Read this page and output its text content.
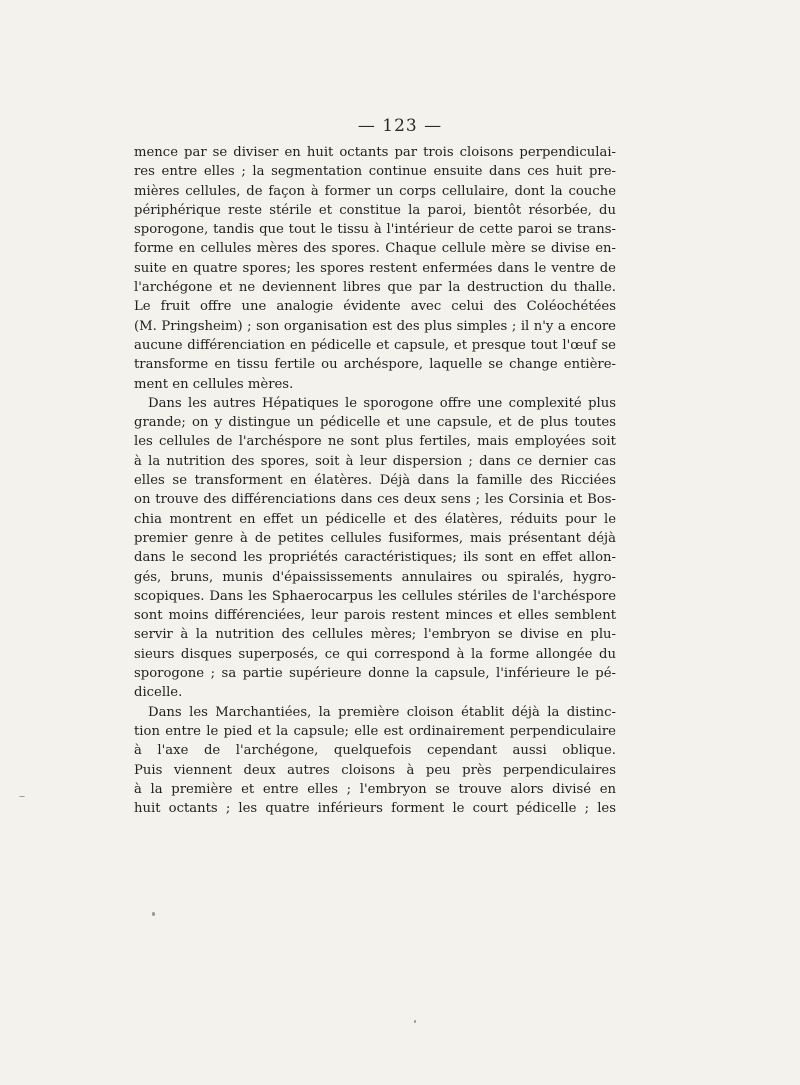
— 123 —
mence par se diviser en huit octants par trois cloisons perpendiculai-
res entre elles ; la segmentation continue ensuite dans ces huit pre-
mières cellules, de façon à former un corps cellulaire, dont la couche
périphérique reste stérile et constitue la paroi, bientôt résorbée, du
sporogone, tandis que tout le tissu à l'intérieur de cette paroi se trans-
forme en cellules mères des spores. Chaque cellule mère se divise en-
suite en quatre spores; les spores restent enfermées dans le ventre de
l'archégone et ne deviennent libres que par la destruction du thalle.
Le fruit offre une analogie évidente avec celui des Coléochétées
(M. Pringsheim) ; son organisation est des plus simples ; il n'y a encore
aucune différenciation en pédicelle et capsule, et presque tout l'œuf se
transforme en tissu fertile ou archéspore, laquelle se change entière-
ment en cellules mères.
Dans les autres Hépatiques le sporogone offre une complexité plus
grande; on y distingue un pédicelle et une capsule, et de plus toutes
les cellules de l'archéspore ne sont plus fertiles, mais employées soit
à la nutrition des spores, soit à leur dispersion ; dans ce dernier cas
elles se transforment en élatères. Déjà dans la famille des Ricciées
on trouve des différenciations dans ces deux sens ; les Corsinia et Bos-
chia montrent en effet un pédicelle et des élatères, réduits pour le
premier genre à de petites cellules fusiformes, mais présentant déjà
dans le second les propriétés caractéristiques; ils sont en effet allon-
gés, bruns, munis d'épaississements annulaires ou spiralés, hygro-
scopiques. Dans les Sphaerocarpus les cellules stériles de l'archéspore
sont moins différenciées, leur parois restent minces et elles semblent
servir à la nutrition des cellules mères; l'embryon se divise en plu-
sieurs disques superposés, ce qui correspond à la forme allongée du
sporogone ; sa partie supérieure donne la capsule, l'inférieure le pé-
dicelle.
Dans les Marchantiées, la première cloison établit déjà la distinc-
tion entre le pied et la capsule; elle est ordinairement perpendiculaire
à l'axe de l'archégone, quelquefois cependant aussi oblique.
Puis viennent deux autres cloisons à peu près perpendiculaires
à la première et entre elles ; l'embryon se trouve alors divisé en
huit octants ; les quatre inférieurs forment le court pédicelle ; les
